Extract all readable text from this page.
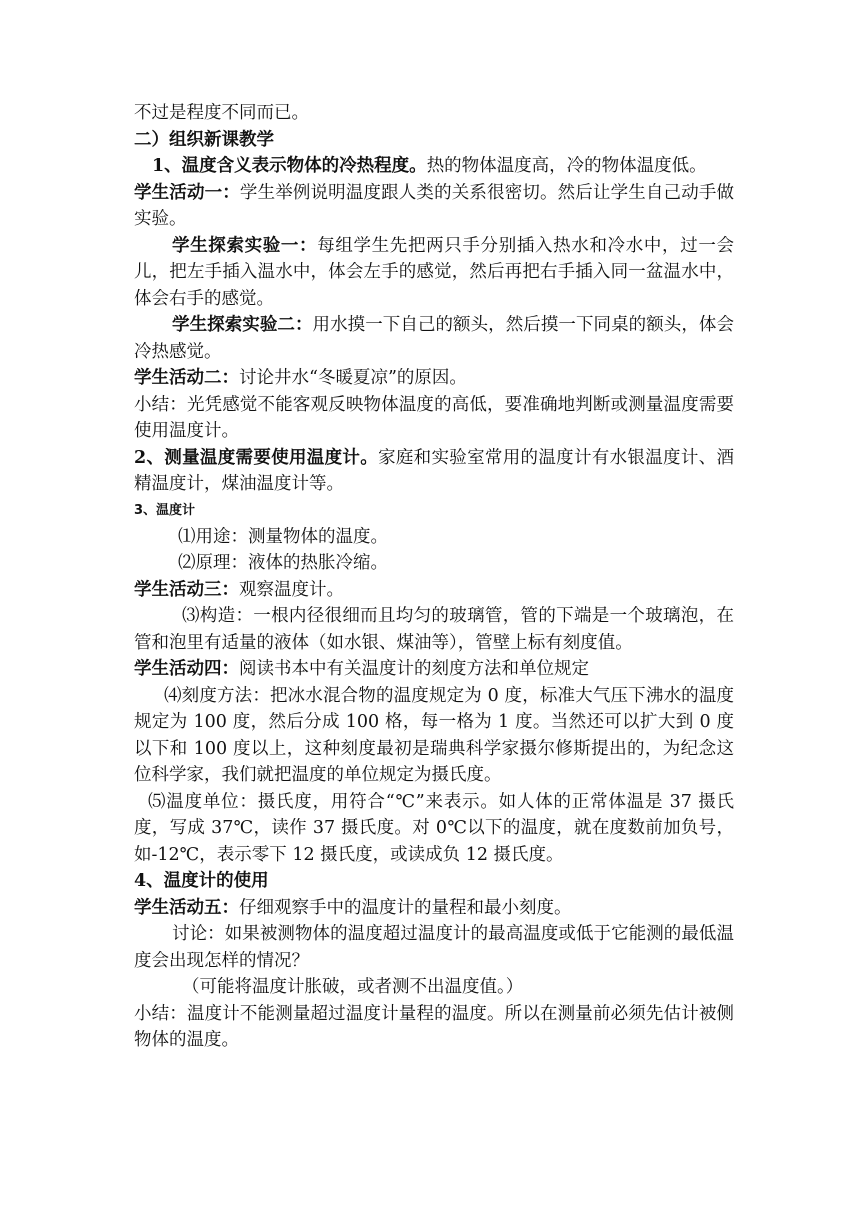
不过是程度不同而已。

二）组织新课教学

1、温度含义表示物体的冷热程度。热的物体温度高，冷的物体温度低。

学生活动一：学生举例说明温度跟人类的关系很密切。然后让学生自己动手做实验。

学生探索实验一：每组学生先把两只手分别插入热水和冷水中，过一会儿，把左手插入温水中，体会左手的感觉，然后再把右手插入同一盆温水中，体会右手的感觉。

学生探索实验二：用水摸一下自己的额头，然后摸一下同桌的额头，体会冷热感觉。

学生活动二：讨论井水“冬暖夏凉”的原因。

小结：光凭感觉不能客观反映物体温度的高低，要准确地判断或测量温度需要使用温度计。

2、测量温度需要使用温度计。家庭和实验室常用的温度计有水银温度计、酒精温度计，煤油温度计等。

3、温度计

⑴用途：测量物体的温度。

⑵原理：液体的热胀冷缩。

学生活动三：观察温度计。

⑶构造：一根内径很细而且均匀的玻璃管，管的下端是一个玻璃泡，在管和泡里有适量的液体（如水银、煤油等），管壁上标有刻度值。

学生活动四：阅读书本中有关温度计的刻度方法和单位规定

⑷刻度方法：把冰水混合物的温度规定为 0 度，标准大气压下沸水的温度规定为 100 度，然后分成 100 格，每一格为 1 度。当然还可以扩大到 0 度以下和 100 度以上，这种刻度最初是瑞典科学家摄尔修斯提出的，为纪念这位科学家，我们就把温度的单位规定为摄氏度。

⑸温度单位：摄氏度，用符合“℃”来表示。如人体的正常体温是 37 摄氏度，写成 37℃，读作 37 摄氏度。对 0℃以下的温度，就在度数前加负号，如-12℃，表示零下 12 摄氏度，或读成负 12 摄氏度。

4、温度计的使用

学生活动五：仔细观察手中的温度计的量程和最小刻度。

讨论：如果被测物体的温度超过温度计的最高温度或低于它能测的最低温度会出现怎样的情况？

（可能将温度计胀破，或者测不出温度值。）

小结：温度计不能测量超过温度计量程的温度。所以在测量前必须先估计被侧物体的温度。
